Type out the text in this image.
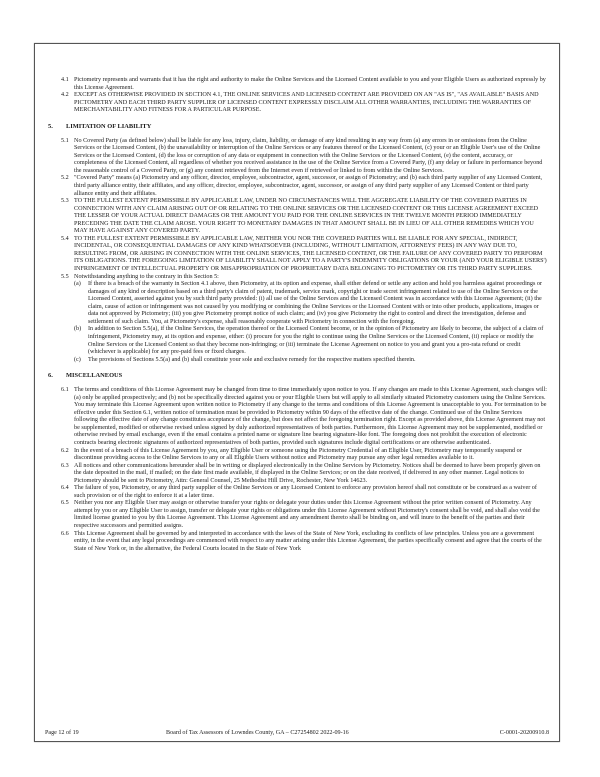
4.1 Pictometry represents and warrants that it has the right and authority to make the Online Services and the Licensed Content available to you and your Eligible Users as authorized expressly by this License Agreement.
4.2 EXCEPT AS OTHERWISE PROVIDED IN SECTION 4.1, THE ONLINE SERVICES AND LICENSED CONTENT ARE PROVIDED ON AN "AS IS", "AS AVAILABLE" BASIS AND PICTOMETRY AND EACH THIRD PARTY SUPPLIER OF LICENSED CONTENT EXPRESSLY DISCLAIM ALL OTHER WARRANTIES, INCLUDING THE WARRANTIES OF MERCHANTABILITY AND FITNESS FOR A PARTICULAR PURPOSE.
5. LIMITATION OF LIABILITY
5.1 No Covered Party (as defined below) shall be liable for any loss, injury, claim, liability, or damage of any kind resulting in any way from (a) any errors in or omissions from the Online Services or the Licensed Content, (b) the unavailability or interruption of the Online Services or any features thereof or the Licensed Content, (c) your or an Eligible User's use of the Online Services or the Licensed Content, (d) the loss or corruption of any data or equipment in connection with the Online Services or the Licensed Content, (e) the content, accuracy, or completeness of the Licensed Content, all regardless of whether you received assistance in the use of the Online Service from a Covered Party, (f) any delay or failure in performance beyond the reasonable control of a Covered Party, or (g) any content retrieved from the Internet even if retrieved or linked to from within the Online Services.
5.2 "Covered Party" means (a) Pictometry and any officer, director, employee, subcontractor, agent, successor, or assign of Pictometry; and (b) each third party supplier of any Licensed Content, third party alliance entity, their affiliates, and any officer, director, employee, subcontractor, agent, successor, or assign of any third party supplier of any Licensed Content or third party alliance entity and their affiliates.
5.3 TO THE FULLEST EXTENT PERMISSIBLE BY APPLICABLE LAW, UNDER NO CIRCUMSTANCES WILL THE AGGREGATE LIABILITY OF THE COVERED PARTIES IN CONNECTION WITH ANY CLAIM ARISING OUT OF OR RELATING TO THE ONLINE SERVICES OR THE LICENSED CONTENT OR THIS LICENSE AGREEMENT EXCEED THE LESSER OF YOUR ACTUAL DIRECT DAMAGES OR THE AMOUNT YOU PAID FOR THE ONLINE SERVICES IN THE TWELVE MONTH PERIOD IMMEDIATELY PRECEDING THE DATE THE CLAIM AROSE. YOUR RIGHT TO MONETARY DAMAGES IN THAT AMOUNT SHALL BE IN LIEU OF ALL OTHER REMEDIES WHICH YOU MAY HAVE AGAINST ANY COVERED PARTY.
5.4 TO THE FULLEST EXTENT PERMISSIBLE BY APPLICABLE LAW, NEITHER YOU NOR THE COVERED PARTIES WILL BE LIABLE FOR ANY SPECIAL, INDIRECT, INCIDENTAL, OR CONSEQUENTIAL DAMAGES OF ANY KIND WHATSOEVER (INCLUDING, WITHOUT LIMITATION, ATTORNEYS' FEES) IN ANY WAY DUE TO, RESULTING FROM, OR ARISING IN CONNECTION WITH THE ONLINE SERVICES, THE LICENSED CONTENT, OR THE FAILURE OF ANY COVERED PARTY TO PERFORM ITS OBLIGATIONS. THE FOREGOING LIMITATION OF LIABILITY SHALL NOT APPLY TO A PARTY'S INDEMNITY OBLIGATIONS OR YOUR (AND YOUR ELIGIBLE USERS') INFRINGEMENT OF INTELLECTUAL PROPERTY OR MISAPPROPRIATION OF PROPRIETARY DATA BELONGING TO PICTOMETRY OR ITS THIRD PARTY SUPPLIERS.
5.5 Notwithstanding anything to the contrary in this Section 5:
(a) If there is a breach of the warranty in Section 4.1 above, then Pictometry, at its option and expense, shall either defend or settle any action and hold you harmless against proceedings or damages of any kind or description based on a third party's claim of patent, trademark, service mark, copyright or trade secret infringement related to use of the Online Services or the Licensed Content, asserted against you by such third party provided: (i) all use of the Online Services and the Licensed Content was in accordance with this License Agreement; (ii) the claim, cause of action or infringement was not caused by you modifying or combining the Online Services or the Licensed Content with or into other products, applications, images or data not approved by Pictometry; (iii) you give Pictometry prompt notice of such claim; and (iv) you give Pictometry the right to control and direct the investigation, defense and settlement of such claim. You, at Pictometry's expense, shall reasonably cooperate with Pictometry in connection with the foregoing.
(b) In addition to Section 5.5(a), if the Online Services, the operation thereof or the Licensed Content become, or in the opinion of Pictometry are likely to become, the subject of a claim of infringement, Pictometry may, at its option and expense, either: (i) procure for you the right to continue using the Online Services or the Licensed Content, (ii) replace or modify the Online Services or the Licensed Content so that they become non-infringing; or (iii) terminate the License Agreement on notice to you and grant you a pro-rata refund or credit (whichever is applicable) for any pre-paid fees or fixed charges.
(c) The provisions of Sections 5.5(a) and (b) shall constitute your sole and exclusive remedy for the respective matters specified therein.
6. MISCELLANEOUS
6.1 The terms and conditions of this License Agreement may be changed from time to time immediately upon notice to you. If any changes are made to this License Agreement, such changes will: (a) only be applied prospectively; and (b) not be specifically directed against you or your Eligible Users but will apply to all similarly situated Pictometry customers using the Online Services. You may terminate this License Agreement upon written notice to Pictometry if any change to the terms and conditions of this License Agreement is unacceptable to you. For termination to be effective under this Section 6.1, written notice of termination must be provided to Pictometry within 90 days of the effective date of the change. Continued use of the Online Services following the effective date of any change constitutes acceptance of the change, but does not affect the foregoing termination right. Except as provided above, this License Agreement may not be supplemented, modified or otherwise revised unless signed by duly authorized representatives of both parties. Furthermore, this License Agreement may not be supplemented, modified or otherwise revised by email exchange, even if the email contains a printed name or signature line bearing signature-like font. The foregoing does not prohibit the execution of electronic contracts bearing electronic signatures of authorized representatives of both parties, provided such signatures include digital certifications or are otherwise authenticated.
6.2 In the event of a breach of this License Agreement by you, any Eligible User or someone using the Pictometry Credential of an Eligible User, Pictometry may temporarily suspend or discontinue providing access to the Online Services to any or all Eligible Users without notice and Pictometry may pursue any other legal remedies available to it.
6.3 All notices and other communications hereunder shall be in writing or displayed electronically in the Online Services by Pictometry. Notices shall be deemed to have been properly given on the date deposited in the mail, if mailed; on the date first made available, if displayed in the Online Services; or on the date received, if delivered in any other manner. Legal notices to Pictometry should be sent to Pictometry, Attn: General Counsel, 25 Methodist Hill Drive, Rochester, New York 14623.
6.4 The failure of you, Pictometry, or any third party supplier of the Online Services or any Licensed Content to enforce any provision hereof shall not constitute or be construed as a waiver of such provision or of the right to enforce it at a later time.
6.5 Neither you nor any Eligible User may assign or otherwise transfer your rights or delegate your duties under this License Agreement without the prior written consent of Pictometry. Any attempt by you or any Eligible User to assign, transfer or delegate your rights or obligations under this License Agreement without Pictometry's consent shall be void, and shall also void the limited license granted to you by this License Agreement. This License Agreement and any amendment thereto shall be binding on, and will inure to the benefit of the parties and their respective successors and permitted assigns.
6.6 This License Agreement shall be governed by and interpreted in accordance with the laws of the State of New York, excluding its conflicts of law principles. Unless you are a government entity, in the event that any legal proceedings are commenced with respect to any matter arising under this License Agreement, the parties specifically consent and agree that the courts of the State of New York or, in the alternative, the Federal Courts located in the State of New York
Page 12 of 19	Board of Tax Assessors of Lowndes County, GA – C27254802 2022-09-16	C-0001-20200910.8
